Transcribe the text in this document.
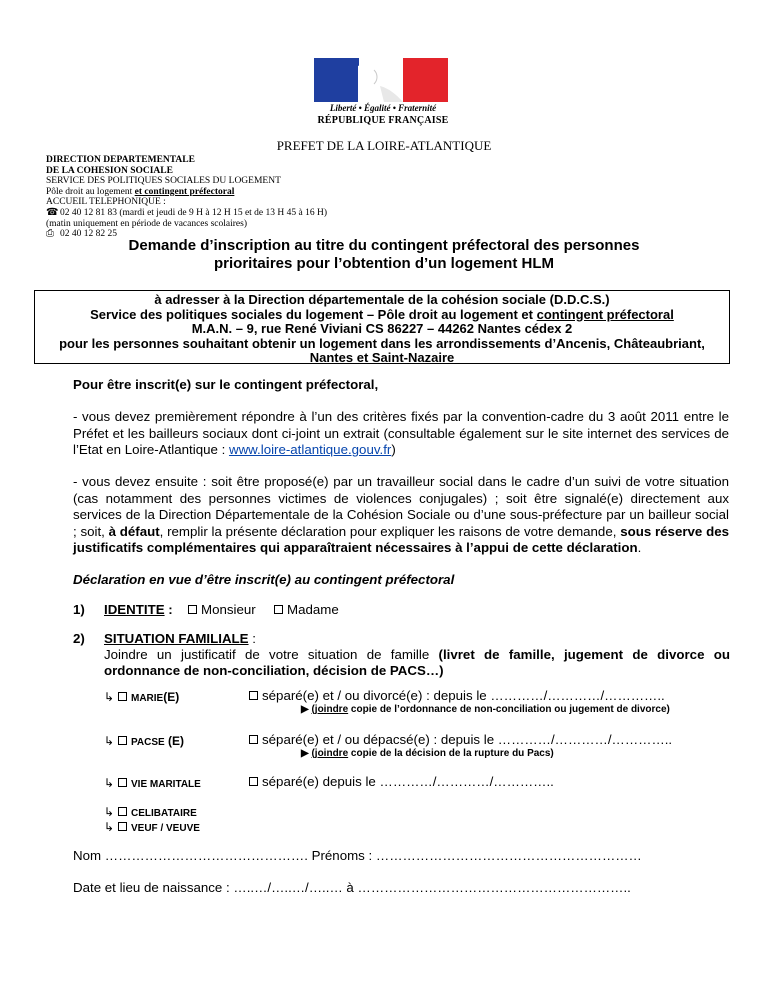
Liberté • Égalité • Fraternité
RÉPUBLIQUE FRANÇAISE
PREFET DE LA LOIRE-ATLANTIQUE
DIRECTION DEPARTEMENTALE
DE LA COHESION SOCIALE
SERVICE DES POLITIQUES SOCIALES DU LOGEMENT
Pôle droit au logement et contingent préfectoral
ACCUEIL TELEPHONIQUE :
☎ 02 40 12 81 83 (mardi et jeudi de 9 H à 12 H 15 et de 13 H 45 à 16 H)
(matin uniquement en période de vacances scolaires)
⎙ 02 40 12 82 25
Demande d’inscription au titre du contingent préfectoral des personnes
prioritaires pour l’obtention d’un logement HLM
à adresser à la Direction départementale de la cohésion sociale (D.D.C.S.)
Service des politiques sociales du logement – Pôle droit au logement et contingent préfectoral
M.A.N. – 9, rue René Viviani CS 86227 – 44262 Nantes cédex 2
pour les personnes souhaitant obtenir un logement dans les arrondissements d’Ancenis, Châteaubriant,
Nantes et Saint-Nazaire
Pour être inscrit(e) sur le contingent préfectoral,
- vous devez premièrement répondre à l’un des critères fixés par la convention-cadre du 3 août 2011 entre le Préfet et les bailleurs sociaux dont ci-joint un extrait (consultable également sur le site internet des services de l’Etat en Loire-Atlantique : www.loire-atlantique.gouv.fr)
- vous devez ensuite : soit être proposé(e) par un travailleur social dans le cadre d’un suivi de votre situation (cas notamment des personnes victimes de violences conjugales) ; soit être signalé(e) directement aux services de la Direction Départementale de la Cohésion Sociale ou d’une sous-préfecture par un bailleur social ; soit, à défaut, remplir la présente déclaration pour expliquer les raisons de votre demande, sous réserve des justificatifs complémentaires qui apparaîtraient nécessaires à l’appui de cette déclaration.
Déclaration en vue d’être inscrit(e) au contingent préfectoral
1) IDENTITE :	Monsieur	Madame
2) SITUATION FAMILIALE :
Joindre un justificatif de votre situation de famille (livret de famille, jugement de divorce ou ordonnance de non-conciliation, décision de PACS…)
↳ MARIE(E)	séparé(e) et / ou divorcé(e) : depuis le …………/…………/…………..
▶ (joindre copie de l’ordonnance de non-conciliation ou jugement de divorce)
↳ PACSE (E)	séparé(e) et / ou dépacsé(e) : depuis le …………/…………/…………..
▶ (joindre copie de la décision de la rupture du Pacs)
↳ VIE MARITALE	séparé(e) depuis le …………/…………/…………..
↳ CELIBATAIRE
↳ VEUF / VEUVE
Nom ………………………………………. Prénoms : ……………………………………………………
Date et lieu de naissance : …..…/…..…/…..… à ……………………………………………………..
